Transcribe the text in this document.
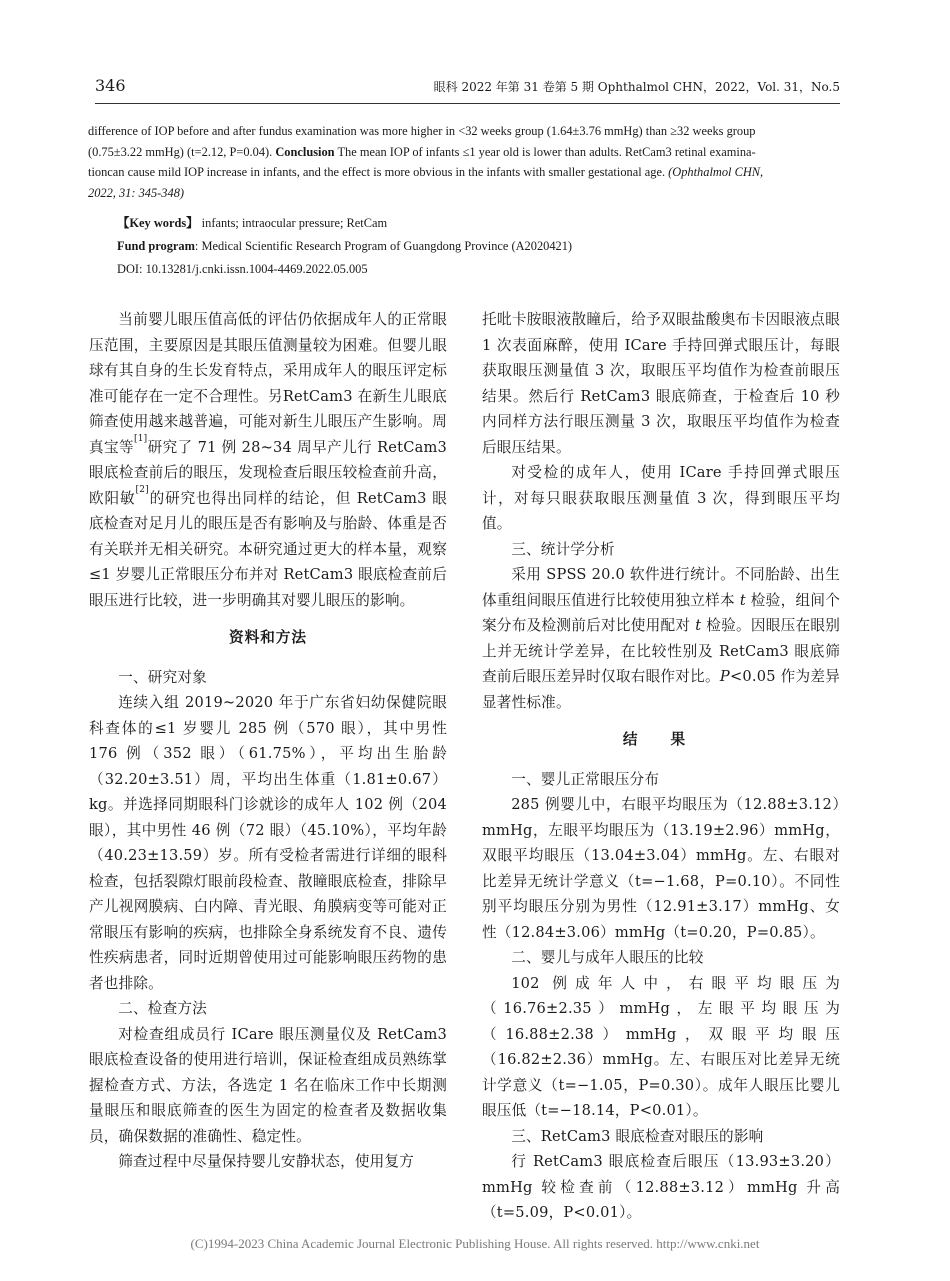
346	眼科 2022 年第 31 卷第 5 期 Ophthalmol CHN，2022，Vol. 31，No.5
difference of IOP before and after fundus examination was more higher in <32 weeks group (1.64±3.76 mmHg) than ≥32 weeks group
(0.75±3.22 mmHg) (t=2.12, P=0.04). Conclusion The mean IOP of infants ≤1 year old is lower than adults. RetCam3 retinal examina-
tioncan cause mild IOP increase in infants, and the effect is more obvious in the infants with smaller gestational age. (Ophthalmol CHN,
2022, 31: 345-348)
【Key words】 infants; intraocular pressure; RetCam
Fund program: Medical Scientific Research Program of Guangdong Province (A2020421)
DOI: 10.13281/j.cnki.issn.1004-4469.2022.05.005

当前婴儿眼压值高低的评估仍依据成年人的正常眼压范围，主要原因是其眼压值测量较为困难。但婴儿眼球有其自身的生长发育特点，采用成年人的眼压评定标准可能存在一定不合理性。另RetCam3 在新生儿眼底筛查使用越来越普遍，可能对新生儿眼压产生影响。周真宝等[1]研究了 71 例 28~34 周早产儿行 RetCam3 眼底检查前后的眼压，发现检查后眼压较检查前升高，欧阳敏[2]的研究也得出同样的结论，但 RetCam3 眼底检查对足月儿的眼压是否有影响及与胎龄、体重是否有关联并无相关研究。本研究通过更大的样本量，观察≤1 岁婴儿正常眼压分布并对 RetCam3 眼底检查前后眼压进行比较，进一步明确其对婴儿眼压的影响。

资料和方法

一、研究对象

连续入组 2019~2020 年于广东省妇幼保健院眼科查体的≤1 岁婴儿 285 例（570 眼），其中男性 176 例（352 眼）（61.75%），平均出生胎龄（32.20±3.51）周，平均出生体重（1.81±0.67）kg。并选择同期眼科门诊就诊的成年人 102 例（204 眼），其中男性 46 例（72 眼）（45.10%），平均年龄（40.23±13.59）岁。所有受检者需进行详细的眼科检查，包括裂隙灯眼前段检查、散瞳眼底检查，排除早产儿视网膜病、白内障、青光眼、角膜病变等可能对正常眼压有影响的疾病，也排除全身系统发育不良、遗传性疾病患者，同时近期曾使用过可能影响眼压药物的患者也排除。

二、检查方法

对检查组成员行 ICare 眼压测量仪及 RetCam3 眼底检查设备的使用进行培训，保证检查组成员熟练掌握检查方式、方法，各选定 1 名在临床工作中长期测量眼压和眼底筛查的医生为固定的检查者及数据收集员，确保数据的准确性、稳定性。

筛查过程中尽量保持婴儿安静状态，使用复方

托吡卡胺眼液散瞳后，给予双眼盐酸奥布卡因眼液点眼 1 次表面麻醉，使用 ICare 手持回弹式眼压计，每眼获取眼压测量值 3 次，取眼压平均值作为检查前眼压结果。然后行 RetCam3 眼底筛查，于检查后 10 秒内同样方法行眼压测量 3 次，取眼压平均值作为检查后眼压结果。

对受检的成年人，使用 ICare 手持回弹式眼压计，对每只眼获取眼压测量值 3 次，得到眼压平均值。

三、统计学分析

采用 SPSS 20.0 软件进行统计。不同胎龄、出生体重组间眼压值进行比较使用独立样本 t 检验，组间个案分布及检测前后对比使用配对 t 检验。因眼压在眼别上并无统计学差异，在比较性别及 RetCam3 眼底筛查前后眼压差异时仅取右眼作对比。P<0.05 作为差异显著性标准。

结 果

一、婴儿正常眼压分布

285 例婴儿中，右眼平均眼压为（12.88±3.12）mmHg，左眼平均眼压为（13.19±2.96）mmHg，双眼平均眼压（13.04±3.04）mmHg。左、右眼对比差异无统计学意义（t=−1.68，P=0.10）。不同性别平均眼压分别为男性（12.91±3.17）mmHg、女性（12.84±3.06）mmHg（t=0.20，P=0.85）。

二、婴儿与成年人眼压的比较

102 例成年人中，右眼平均眼压为（16.76±2.35）mmHg，左眼平均眼压为（16.88±2.38）mmHg，双眼平均眼压（16.82±2.36）mmHg。左、右眼压对比差异无统计学意义（t=−1.05，P=0.30）。成年人眼压比婴儿眼压低（t=−18.14，P<0.01）。

三、RetCam3 眼底检查对眼压的影响

行 RetCam3 眼底检查后眼压（13.93±3.20）mmHg 较检查前（12.88±3.12）mmHg 升高（t=5.09，P<0.01）。

(C)1994-2023 China Academic Journal Electronic Publishing House. All rights reserved. http://www.cnki.net
